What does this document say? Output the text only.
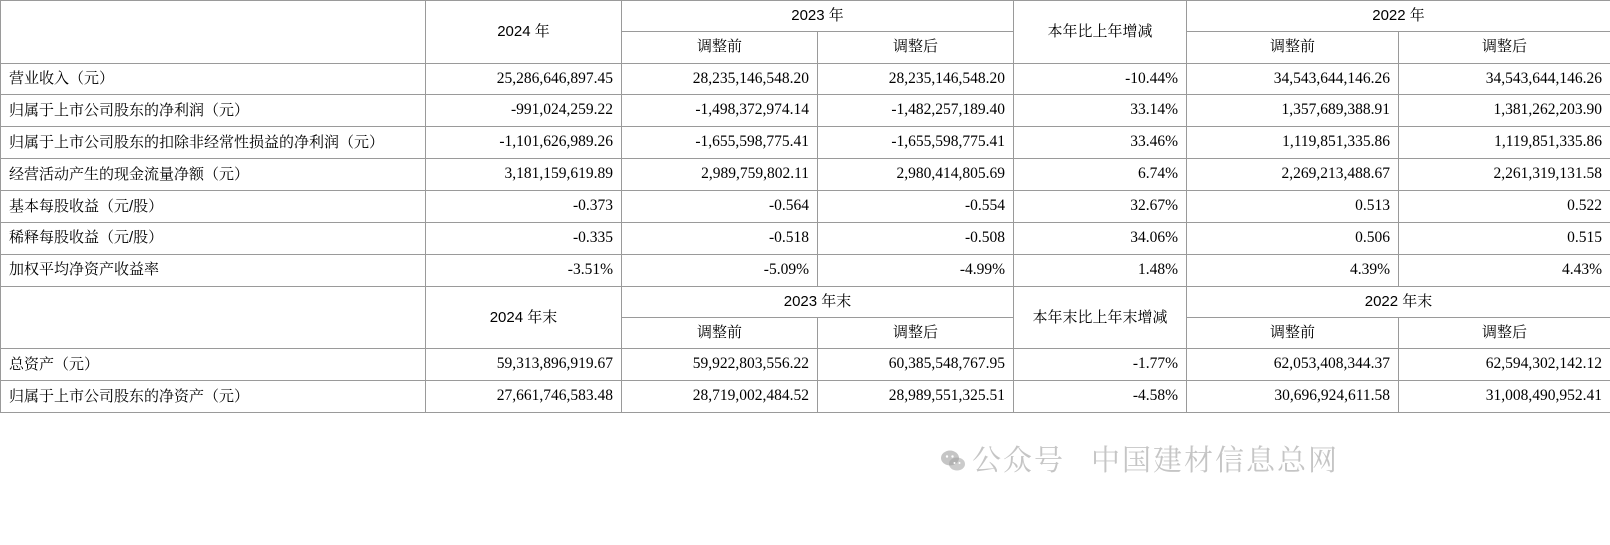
	2024 年	2023 年		本年比上年增减	2022 年	
		调整前	调整后		调整前	调整后
营业收入（元）	25,286,646,897.45	28,235,146,548.20	28,235,146,548.20	-10.44%	34,543,644,146.26	34,543,644,146.26
归属于上市公司股东的净利润（元）	-991,024,259.22	-1,498,372,974.14	-1,482,257,189.40	33.14%	1,357,689,388.91	1,381,262,203.90
归属于上市公司股东的扣除非经常性损益的净利润（元）	-1,101,626,989.26	-1,655,598,775.41	-1,655,598,775.41	33.46%	1,119,851,335.86	1,119,851,335.86
经营活动产生的现金流量净额（元）	3,181,159,619.89	2,989,759,802.11	2,980,414,805.69	6.74%	2,269,213,488.67	2,261,319,131.58
基本每股收益（元/股）	-0.373	-0.564	-0.554	32.67%	0.513	0.522
稀释每股收益（元/股）	-0.335	-0.518	-0.508	34.06%	0.506	0.515
加权平均净资产收益率	-3.51%	-5.09%	-4.99%	1.48%	4.39%	4.43%
	2024 年末	2023 年末		本年末比上年末增减	2022 年末	
		调整前	调整后		调整前	调整后
总资产（元）	59,313,896,919.67	59,922,803,556.22	60,385,548,767.95	-1.77%	62,053,408,344.37	62,594,302,142.12
归属于上市公司股东的净资产（元）	27,661,746,583.48	28,719,002,484.52	28,989,551,325.51	-4.58%	30,696,924,611.58	31,008,490,952.41
公众号 中国建材信息总网
